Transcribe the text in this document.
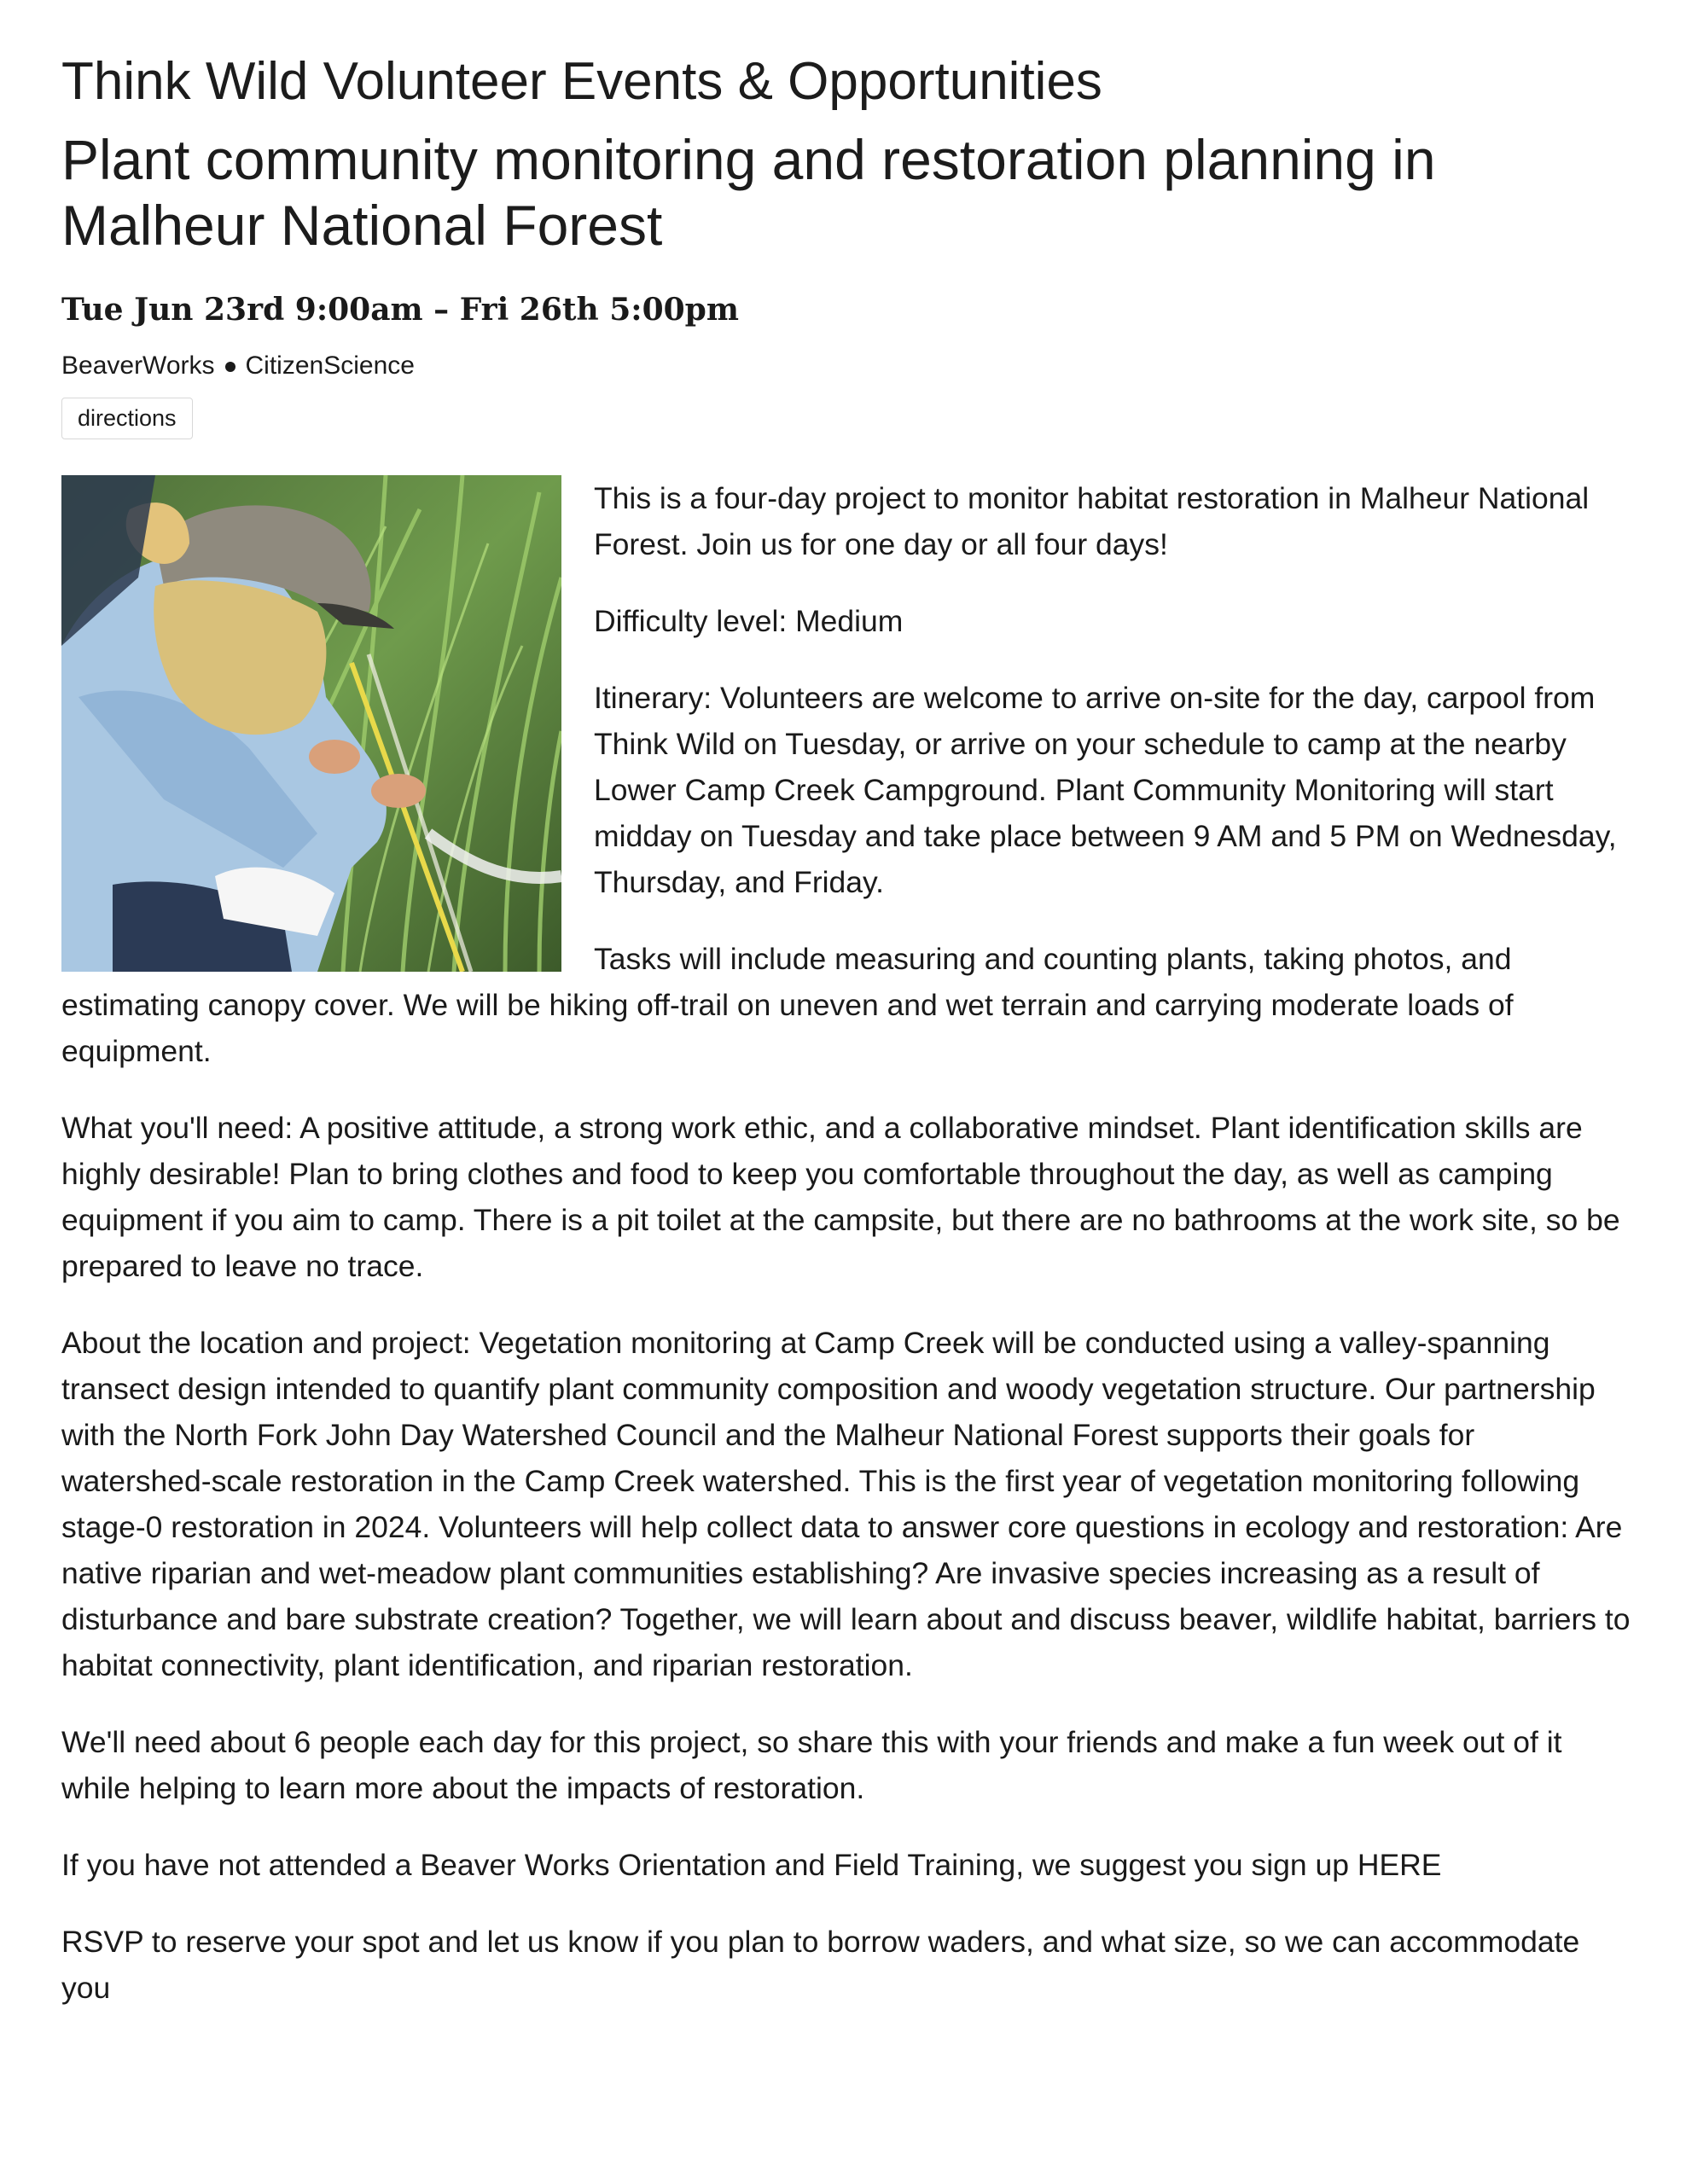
Think Wild Volunteer Events & Opportunities
Plant community monitoring and restoration planning in Malheur National Forest
Tue Jun 23rd 9:00am – Fri 26th 5:00pm
BeaverWorks CitizenScience
directions

This is a four-day project to monitor habitat restoration in Malheur National Forest. Join us for one day or all four days!

Difficulty level: Medium

Itinerary: Volunteers are welcome to arrive on-site for the day, carpool from Think Wild on Tuesday, or arrive on your schedule to camp at the nearby Lower Camp Creek Campground. Plant Community Monitoring will start midday on Tuesday and take place between 9 AM and 5 PM on Wednesday, Thursday, and Friday.

Tasks will include measuring and counting plants, taking photos, and estimating canopy cover. We will be hiking off-trail on uneven and wet terrain and carrying moderate loads of equipment.

What you'll need: A positive attitude, a strong work ethic, and a collaborative mindset. Plant identification skills are highly desirable! Plan to bring clothes and food to keep you comfortable throughout the day, as well as camping equipment if you aim to camp. There is a pit toilet at the campsite, but there are no bathrooms at the work site, so be prepared to leave no trace.

About the location and project: Vegetation monitoring at Camp Creek will be conducted using a valley-spanning transect design intended to quantify plant community composition and woody vegetation structure. Our partnership with the North Fork John Day Watershed Council and the Malheur National Forest supports their goals for watershed-scale restoration in the Camp Creek watershed. This is the first year of vegetation monitoring following stage-0 restoration in 2024. Volunteers will help collect data to answer core questions in ecology and restoration: Are native riparian and wet-meadow plant communities establishing? Are invasive species increasing as a result of disturbance and bare substrate creation? Together, we will learn about and discuss beaver, wildlife habitat, barriers to habitat connectivity, plant identification, and riparian restoration.

We'll need about 6 people each day for this project, so share this with your friends and make a fun week out of it while helping to learn more about the impacts of restoration.

If you have not attended a Beaver Works Orientation and Field Training, we suggest you sign up HERE

RSVP to reserve your spot and let us know if you plan to borrow waders, and what size, so we can accommodate you
